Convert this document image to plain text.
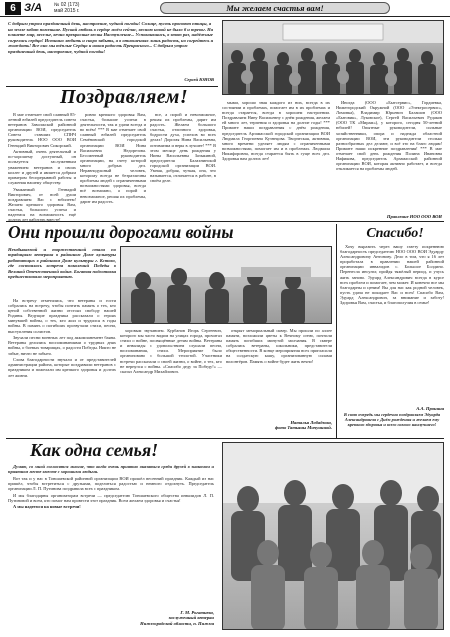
6 З/А № 02 (173)
май 2015 г.	Мы желаем счастья вам!
С добрым утром праздничный день, настроение, чудной погоды! Солнце, пусть пропоют птицы, а на земле забот поменьше. Пускай любовь в сердце моём сейчас, весною новой не было б и тревог. На планете мир, веселье, вечно прекрасные весны Наступление... Успокоившись, в этот раз, надёжные согрелись сердца! Истинно любить и скоро забыть, а в отношениях лишь радость, но согрейтесь и жаждать! Все оно мы тёплые Сердца и новая радость Прекрасного... С добрым утром праздничный день, настроение, чудной погоды!
Сергей ЮНОВ
Поздравляем!

В мае отмечает свой славный 85-летний юбилей председатель совета ветеранов Заволжской районной организации ВОИ, председатель Совета ставших СПНЧ руководитель НОО ООО ВОИ Геннадий Викторович Сикорский.

Активный, очень деятельный и по-хорошему доступный, он пользуется заслуженным уважением ветеранов и своих коллег и друзей и является добрым примером беспрерывной работы и служения нашему обществу.

Уважаемый Геннадий Викторович, от всей души поздравляем Вас с юбилеем! Желаем крепкого здоровья Вам, счастья, большого успеха и надеемся на возможность ещё долгих лет работать вместе!

ровно крепкого здоровья Вам, счастья, большие успехи в деятельности, так и удачи всегда и во всём! *** В мае отмечает свой славный юбилей председатель Семёновской городской организации ВОИ Нина Васильевна Недорезова. Бессменный руководитель организации, на счету которой много добрых дел. Неравнодушный человек, которому всегда не безразличны проблемы людей с ограниченными возможностями здоровья, всегда всё возможно, а порой и невозможное, решая их проблемы, дарит им радость.

все, а порой и невозможное, решая их проблемы, дарит им радость. Желаем большого счастья, отличного здоровья, бодрости духа, успехов во всех делах! Дорогая Нина Васильевна, оптимизма и веры в лучшее! *** В этом месяце день рождения у Нины Васильевны Зазыкиной, председателя Балахнинской городской организации ВОИ. Умная, добрая, чуткая, она, что называется, отличается в работе, в своём деле.

мыми, хорошо зная каждого из них, всегда в их состоянии и проблемах, помогает им в их проблемах и всегда старается, всегда в хорошем настроении. Поздравляем Нину Васильевну с днём рождения, желаем ей много лет, терпения и здоровья на долгие годы! *** Примите наши поздравления с днём рождения, председатель Арзамасской городской организации ВОИ Людмила Георгиевна Кузнецова. Творческая, активная, много времени уделяет людям с ограниченными возможностями, помогает им и в проблемах. Людмила Никифоровна, всегда старается быть в гуще всех дел. Здоровья вам долгих лет!

Иногда (ООО «Бытсервис», Гордиевка, Нижегородский Окружной (ООО «Электросервис», Ломовка), Владимир Юрьевич Балашов (ООО «Бытовик», Луковское), Сергей Васильевич Рудаков (ООО ТК «Мираж»), у которого, сегодня 50-летний юбилей! Опытные руководители, сильные хозяйственники, опора и надежда областной организации ВОИ, эти руководители столько разнообразных дел делают, и всё это на благо людям! Примите наши искренние поздравления! *** В мае отмечает свой день рождения Полина Ивановна Нафикова, председатель Арзамасской районной организации ВОИ, которая активно работает, и всегда откликается на проблемы людей.

Правление НОО ООО ВОИ
Они прошли дорогами войны
Незабываемой и торжественной стала по традициям ветерана в районном Доме культуры работающих в районном Доме культуры г. Кстово, где состоялась встреча поколений Победы в Великой Отечественной войне. Богатая подготовка предшествовала мероприятию.

На встречу отметились, что ветераны и гости собрались на встречу, чтобы почтить память о тех, кто ценой собственной жизни отстоял свободу нашей Родины. Ведущие праздника рассказали о героях минувшей войны, о тех, кто жил и трудился в годы войны. В память о погибших прозвучали стихи, песни, выступления солистов.

Звучали песни военных лет под аккомпанемент баяна. Ветераны делились воспоминаниями о трудных днях войны, о боевых товарищах, о радости Победы. Никто не забыт, ничто не забыто.

Слова благодарности звучали и от представителей администрации района, которые поздравили ветеранов с праздником и пожелали им крепкого здоровья и долгих лет жизни.

хоровым звучанием. Курбанов Игорь Сергеевич, которого мы часто видим на улицах города, прочитал стихи о войне, посвящённые детям войны. Ветераны и инвалиды с удовольствием слушали песни, воспоминания, стихи. Мероприятие было организовано с большой теплотой. Участники встречи рассказали о своей жизни, о войне, о тех, кто не вернулся с войны. «Спасибо деду за Победу!» — сказал Александр Михайлович.

открыт мемориальный сквер. Мы прошли по аллее памяти, возложили цветы к Вечному огню, почтили память погибших минутой молчания. В сквере собрались ветераны, школьники, представители общественности. В конце мероприятия всех пригласили на солдатскую кашу, организованную силами волонтёров. Память о войне будет жить вечно!

Наталья Лобадзова,
фото Татьяны Мичуниной.
Спасибо!

Хочу выразить через вашу газету искреннюю благодарность председателю НОО ООО ВОИ Эдуарду Александровичу Антонову. Дело в том, что я 16 лет проработала в правлении нашей районной организации инвалидов с. Большое Болдино. Перенесла инсульт, пройдя тяжёлый период, и учусь жить заново. Эдуард Александрович всегда в курсе всех проблем и помогает, чем может. И конечно все мы благодарны и ценим! Вы для нас как родной человек, пусть удача не покидает Вас и всех! Спасибо Вам, Эдуард Александрович, за внимание и заботу! Здоровья Вам, счастья, и благополучия в семье!

А.А. Пронина
В свою очередь мы сердечно поздравляем Эдуарда Александровича с Днём рождения и желаем ему крепкого здоровья и всего самого наилучшего!
Как одна семья!

Думаю, со мной согласятся многие, что когда очень приятно оказаться среди друзей в знакомом и приятном месте вместе с хорошими людьми.

Вот так и у нас в Тоншаевской районной организации ВОИ прошёл весенний праздник. Каждый из нас пришёл, чтобы встретиться с друзьями, поделиться радостью и немного отдохнуть. Председатель организации Л. П. Путинова поздравила всех с праздником.

И мы благодарны организаторам встречи — председателю Тоншаевского общества инвалидов Л. П. Путиновой и всем, кто помог нам провести этот праздник. Всем желаем здоровья и счастья!

А мы надеемся на новые встречи!

Г. М. Рогатнева,
заслуженный ветеран
Нижегородской области, п. Пижма
